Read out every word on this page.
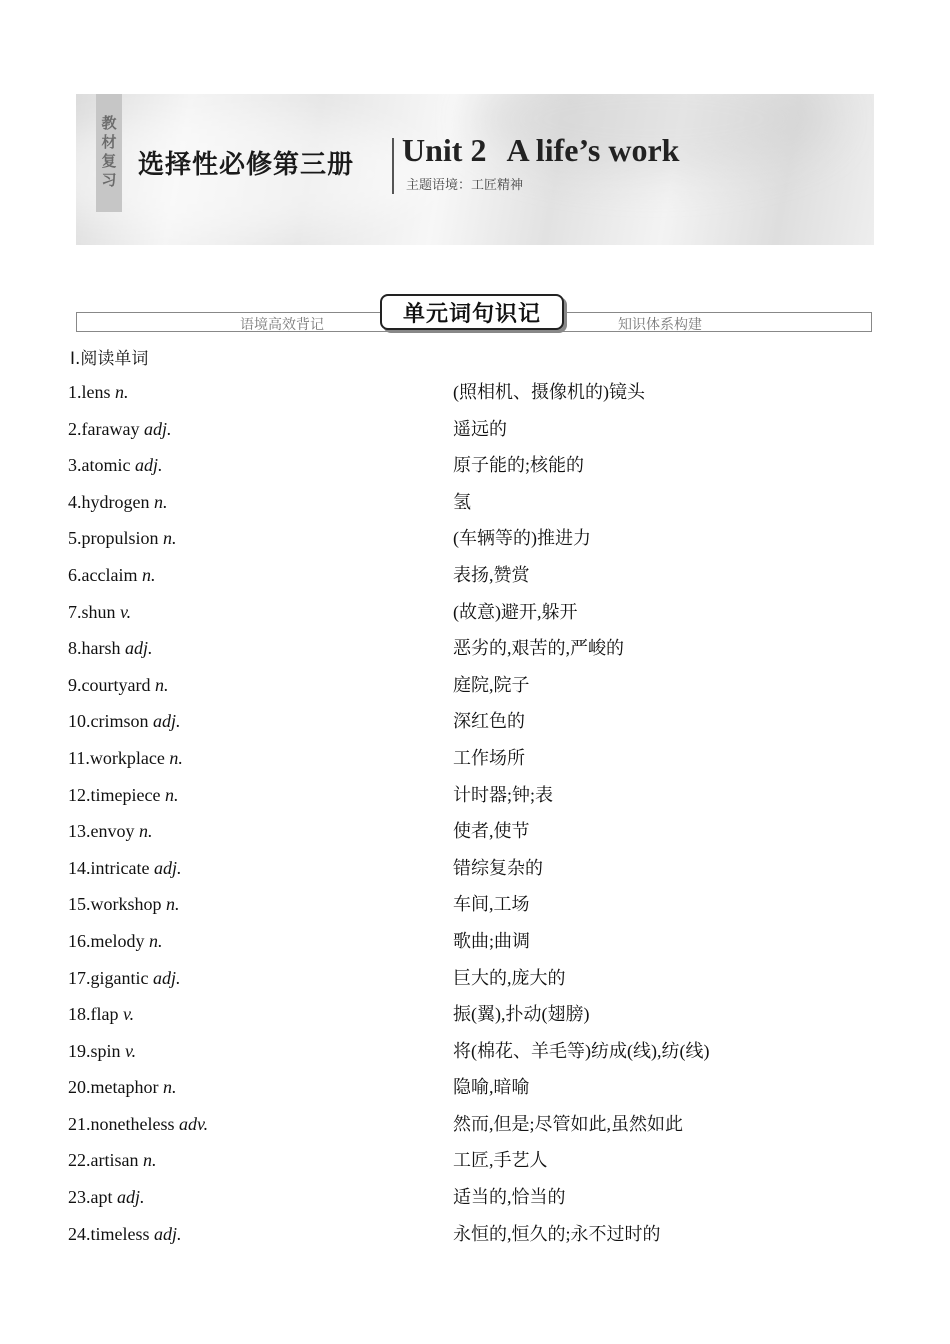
教材复习 选择性必修第三册 Unit 2 A life’s work
主题语境：工匠精神
语境高效背记	知识体系构建
单元词句识记
Ⅰ.阅读单词
1.lens n.	(照相机、摄像机的)镜头
2.faraway adj.	遥远的
3.atomic adj.	原子能的;核能的
4.hydrogen n.	氢
5.propulsion n.	(车辆等的)推进力
6.acclaim n.	表扬,赞赏
7.shun v.	(故意)避开,躲开
8.harsh adj.	恶劣的,艰苦的,严峻的
9.courtyard n.	庭院,院子
10.crimson adj.	深红色的
11.workplace n.	工作场所
12.timepiece n.	计时器;钟;表
13.envoy n.	使者,使节
14.intricate adj.	错综复杂的
15.workshop n.	车间,工场
16.melody n.	歌曲;曲调
17.gigantic adj.	巨大的,庞大的
18.flap v.	振(翼),扑动(翅膀)
19.spin v.	将(棉花、羊毛等)纺成(线),纺(线)
20.metaphor n.	隐喻,暗喻
21.nonetheless adv.	然而,但是;尽管如此,虽然如此
22.artisan n.	工匠,手艺人
23.apt adj.	适当的,恰当的
24.timeless adj.	永恒的,恒久的;永不过时的
